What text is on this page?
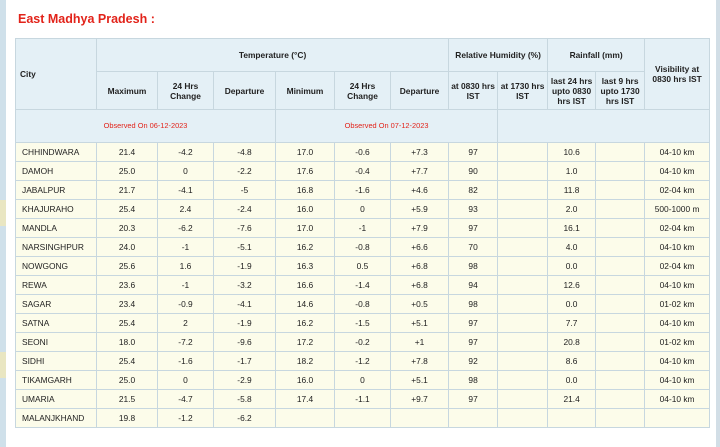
East Madhya Pradesh :
City	Temperature (°C)						Relative Humidity (%)		Rainfall (mm)		Visibility at 0830 hrs IST
	Maximum	24 Hrs Change	Departure	Minimum	24 Hrs Change	Departure	at 0830 hrs IST	at 1730 hrs IST	last 24 hrs upto 0830 hrs IST	last 9 hrs upto 1730 hrs IST	
Observed On 06-12-2023				Observed On 07-12-2023							
CHHINDWARA	21.4	-4.2	-4.8	17.0	-0.6	+7.3	97		10.6		04-10 km
DAMOH	25.0	0	-2.2	17.6	-0.4	+7.7	90		1.0		04-10 km
JABALPUR	21.7	-4.1	-5	16.8	-1.6	+4.6	82		11.8		02-04 km
KHAJURAHO	25.4	2.4	-2.4	16.0	0	+5.9	93		2.0		500-1000 m
MANDLA	20.3	-6.2	-7.6	17.0	-1	+7.9	97		16.1		02-04 km
NARSINGHPUR	24.0	-1	-5.1	16.2	-0.8	+6.6	70		4.0		04-10 km
NOWGONG	25.6	1.6	-1.9	16.3	0.5	+6.8	98		0.0		02-04 km
REWA	23.6	-1	-3.2	16.6	-1.4	+6.8	94		12.6		04-10 km
SAGAR	23.4	-0.9	-4.1	14.6	-0.8	+0.5	98		0.0		01-02 km
SATNA	25.4	2	-1.9	16.2	-1.5	+5.1	97		7.7		04-10 km
SEONI	18.0	-7.2	-9.6	17.2	-0.2	+1	97		20.8		01-02 km
SIDHI	25.4	-1.6	-1.7	18.2	-1.2	+7.8	92		8.6		04-10 km
TIKAMGARH	25.0	0	-2.9	16.0	0	+5.1	98		0.0		04-10 km
UMARIA	21.5	-4.7	-5.8	17.4	-1.1	+9.7	97		21.4		04-10 km
MALANJKHAND	19.8	-1.2	-6.2								
